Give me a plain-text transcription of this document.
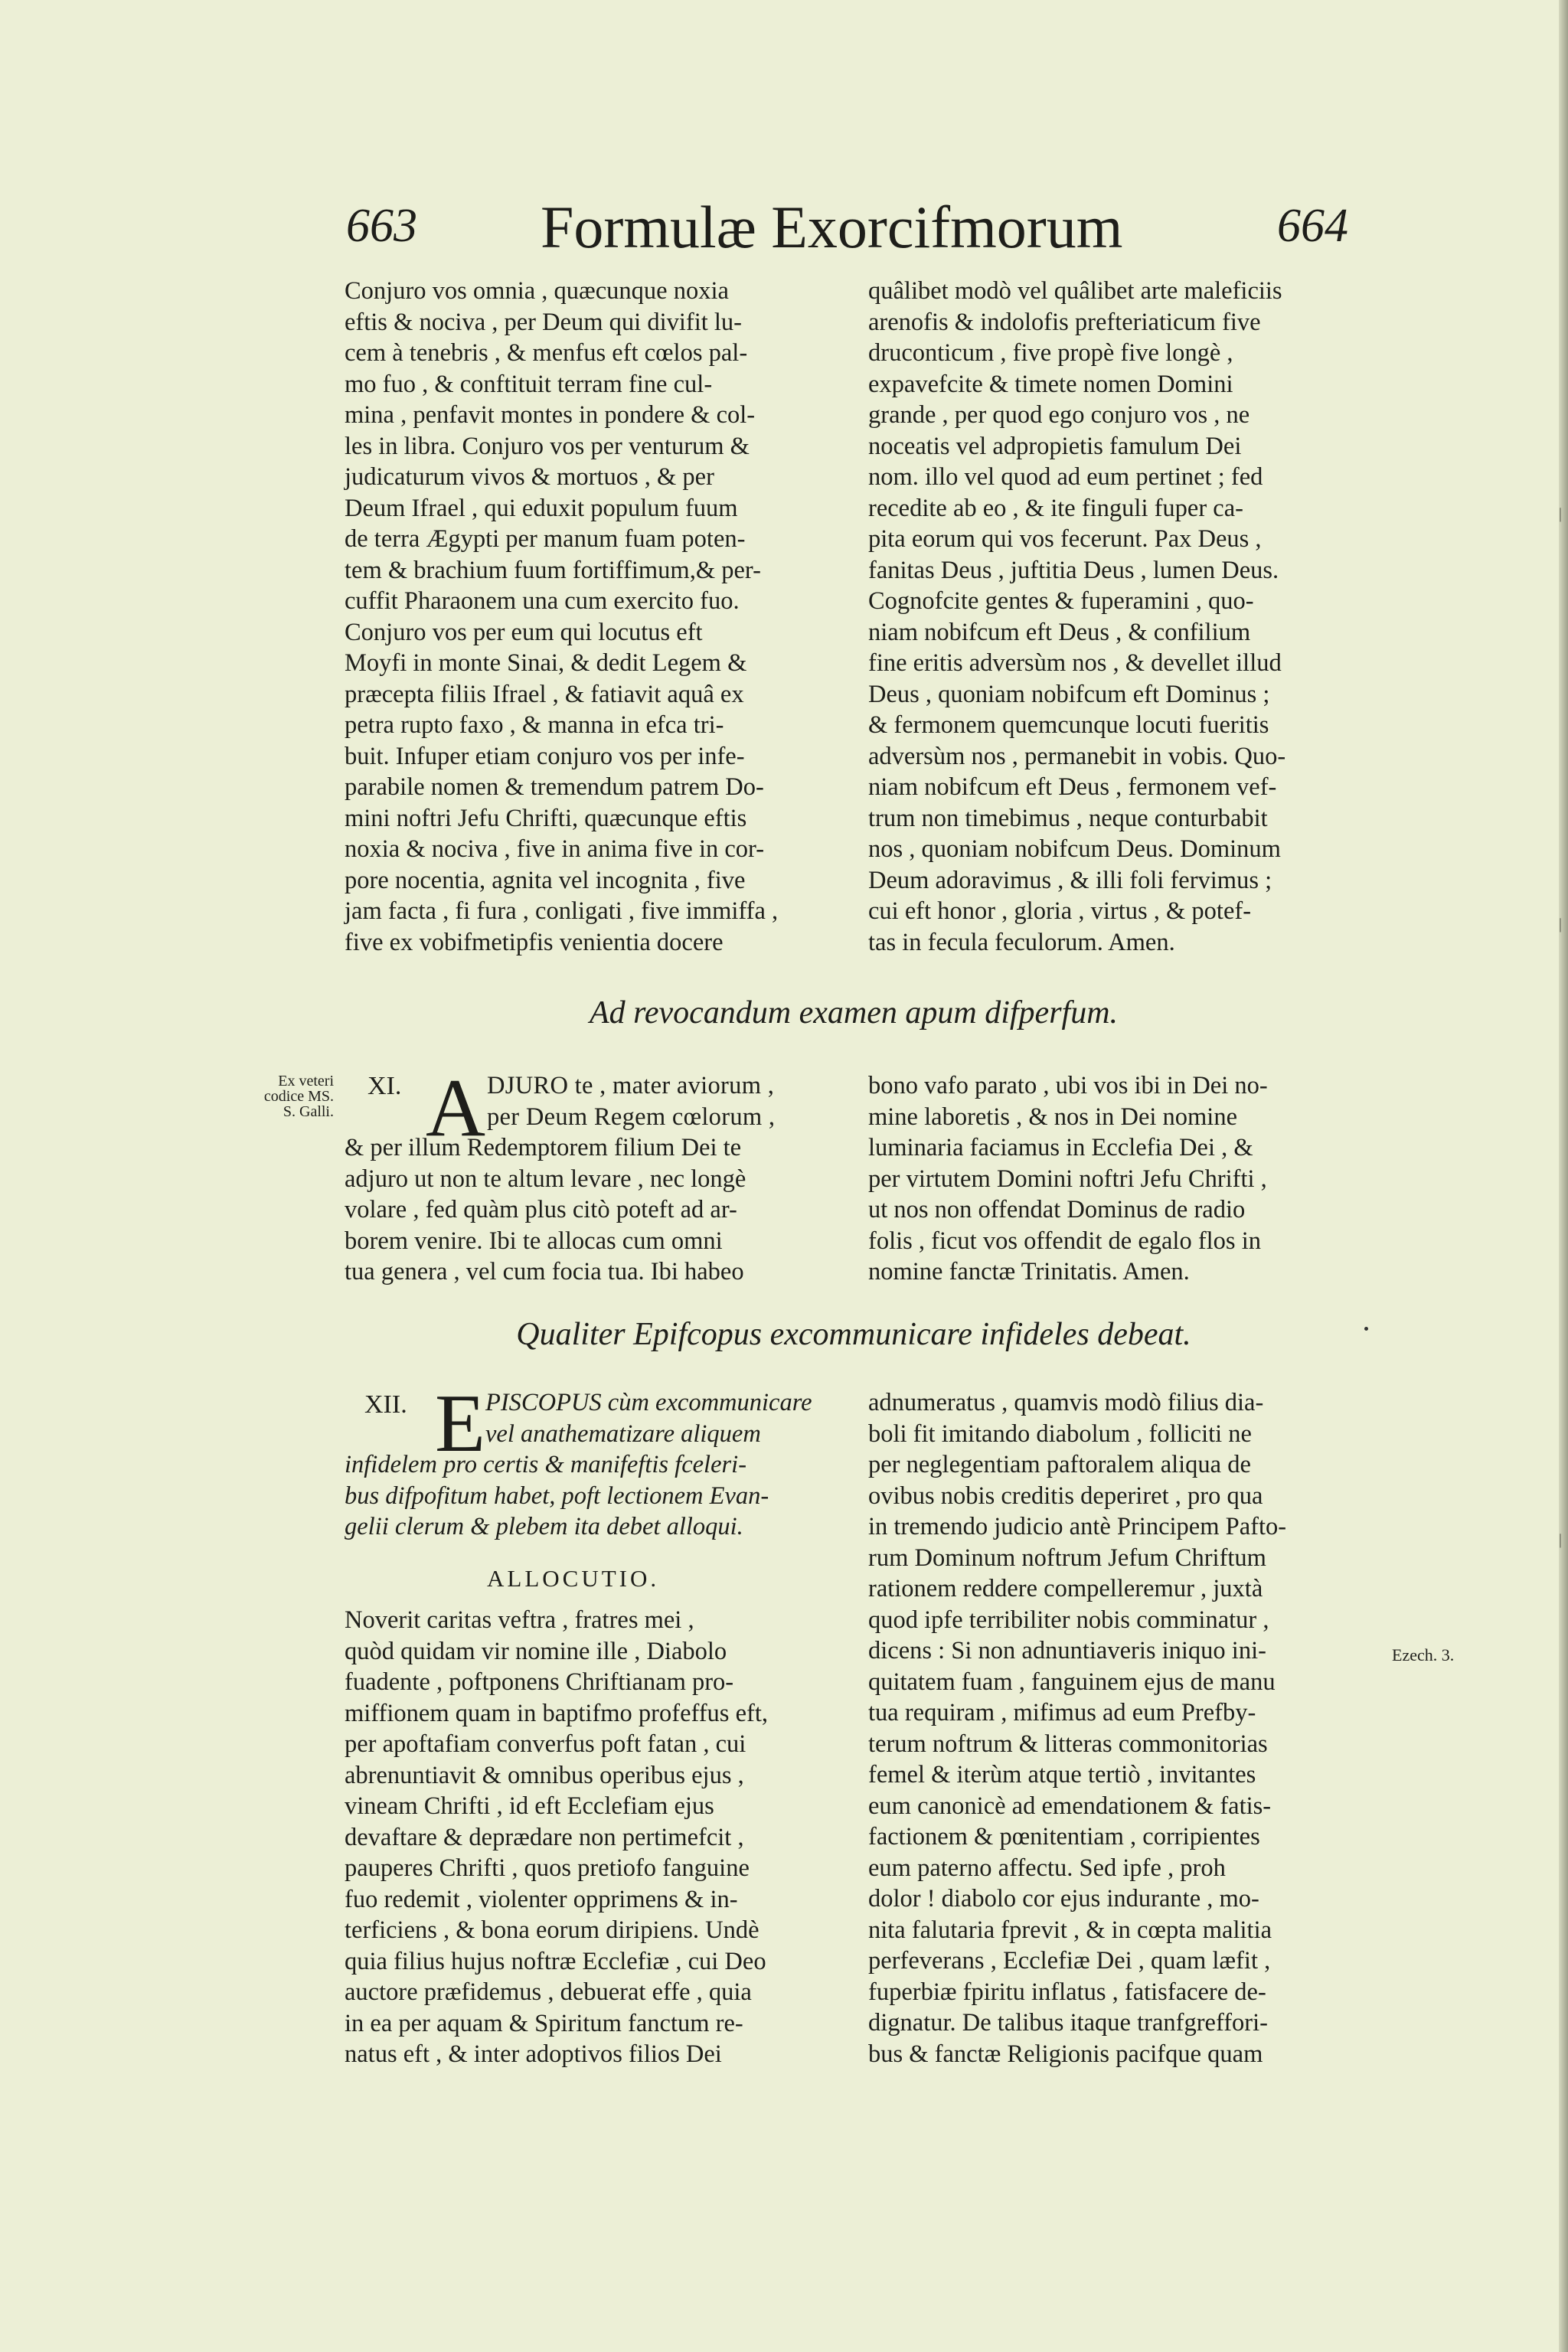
663 Formulæ Exorcifmorum	664

Conjuro vos omnia , quæcunque noxia

eftis & nociva , per Deum qui divifit lu-

cem à tenebris , & menfus eft cœlos pal-

mo fuo , & conftituit terram fine cul-

mina , penfavit montes in pondere & col-

les in libra. Conjuro vos per venturum &

judicaturum vivos & mortuos , & per

Deum Ifrael , qui eduxit populum fuum

de terra Ægypti per manum fuam poten-

tem & brachium fuum fortiffimum,& per-

cuffit Pharaonem una cum exercito fuo.

Conjuro vos per eum qui locutus eft

Moyfi in monte Sinai, & dedit Legem &

præcepta filiis Ifrael , & fatiavit aquâ ex

petra rupto faxo , & manna in efca tri-

buit. Infuper etiam conjuro vos per infe-

parabile nomen & tremendum patrem Do-

mini noftri Jefu Chrifti, quæcunque eftis

noxia & nociva , five in anima five in cor-

pore nocentia, agnita vel incognita , five

jam facta , fi fura , conligati , five immiffa ,

five ex vobifmetipfis venientia docere

quâlibet modò vel quâlibet arte maleficiis

arenofis & indolofis prefteriaticum five

druconticum , five propè five longè ,

expavefcite & timete nomen Domini

grande , per quod ego conjuro vos , ne

noceatis vel adpropietis famulum Dei

nom. illo vel quod ad eum pertinet ; fed

recedite ab eo , & ite finguli fuper ca-

pita eorum qui vos fecerunt. Pax Deus ,

fanitas Deus , juftitia Deus , lumen Deus.

Cognofcite gentes & fuperamini , quo-

niam nobifcum eft Deus , & confilium

fine eritis adversùm nos , & devellet illud

Deus , quoniam nobifcum eft Dominus ;

& fermonem quemcunque locuti fueritis

adversùm nos , permanebit in vobis. Quo-

niam nobifcum eft Deus , fermonem vef-

trum non timebimus , neque conturbabit

nos , quoniam nobifcum Deus. Dominum

Deum adoravimus , & illi foli fervimus ;

cui eft honor , gloria , virtus , & potef-

tas in fecula feculorum. Amen.

Ad revocandum examen apum difperfum.
Ex veteri
codice MS.
S. Galli.
XI. A DJURO te , mater aviorum ,

per Deum Regem cœlorum ,

& per illum Redemptorem filium Dei te

adjuro ut non te altum levare , nec longè

volare , fed quàm plus citò poteft ad ar-

borem venire. Ibi te allocas cum omni

tua genera , vel cum focia tua. Ibi habeo

bono vafo parato , ubi vos ibi in Dei no-

mine laboretis , & nos in Dei nomine

luminaria faciamus in Ecclefia Dei , &

per virtutem Domini noftri Jefu Chrifti ,

ut nos non offendat Dominus de radio

folis , ficut vos offendit de egalo flos in

nomine fanctæ Trinitatis. Amen.

Qualiter Epifcopus excommunicare infideles debeat.
XII. E PISCOPUS cùm excommunicare

vel anathematizare aliquem

infidelem pro certis & manifeftis fceleri-

bus difpofitum habet, poft lectionem Evan-

gelii clerum & plebem ita debet alloqui.

ALLOCUTIO.

Noverit caritas veftra , fratres mei ,

quòd quidam vir nomine ille , Diabolo

fuadente , poftponens Chriftianam pro-

miffionem quam in baptifmo profeffus eft,

per apoftafiam converfus poft fatan , cui

abrenuntiavit & omnibus operibus ejus ,

vineam Chrifti , id eft Ecclefiam ejus

devaftare & deprædare non pertimefcit ,

pauperes Chrifti , quos pretiofo fanguine

fuo redemit , violenter opprimens & in-

terficiens , & bona eorum diripiens. Undè

quia filius hujus noftræ Ecclefiæ , cui Deo

auctore præfidemus , debuerat effe , quia

in ea per aquam & Spiritum fanctum re-

natus eft , & inter adoptivos filios Dei

adnumeratus , quamvis modò filius dia-

boli fit imitando diabolum , folliciti ne

per neglegentiam paftoralem aliqua de

ovibus nobis creditis deperiret , pro qua

in tremendo judicio antè Principem Pafto-

rum Dominum noftrum Jefum Chriftum

rationem reddere compelleremur , juxtà

quod ipfe terribiliter nobis comminatur ,

dicens : Si non adnuntiaveris iniquo ini-

quitatem fuam , fanguinem ejus de manu

tua requiram , mifimus ad eum Prefby-

terum noftrum & litteras commonitorias

femel & iterùm atque tertiò , invitantes

eum canonicè ad emendationem & fatis-

factionem & pœnitentiam , corripientes

eum paterno affectu. Sed ipfe , proh

dolor ! diabolo cor ejus indurante , mo-

nita falutaria fprevit , & in cœpta malitia

perfeverans , Ecclefiæ Dei , quam læfit ,

fuperbiæ fpiritu inflatus , fatisfacere de-

dignatur. De talibus itaque tranfgreffori-

bus & fanctæ Religionis pacifque quam

Ezech. 3.
|
|
|
